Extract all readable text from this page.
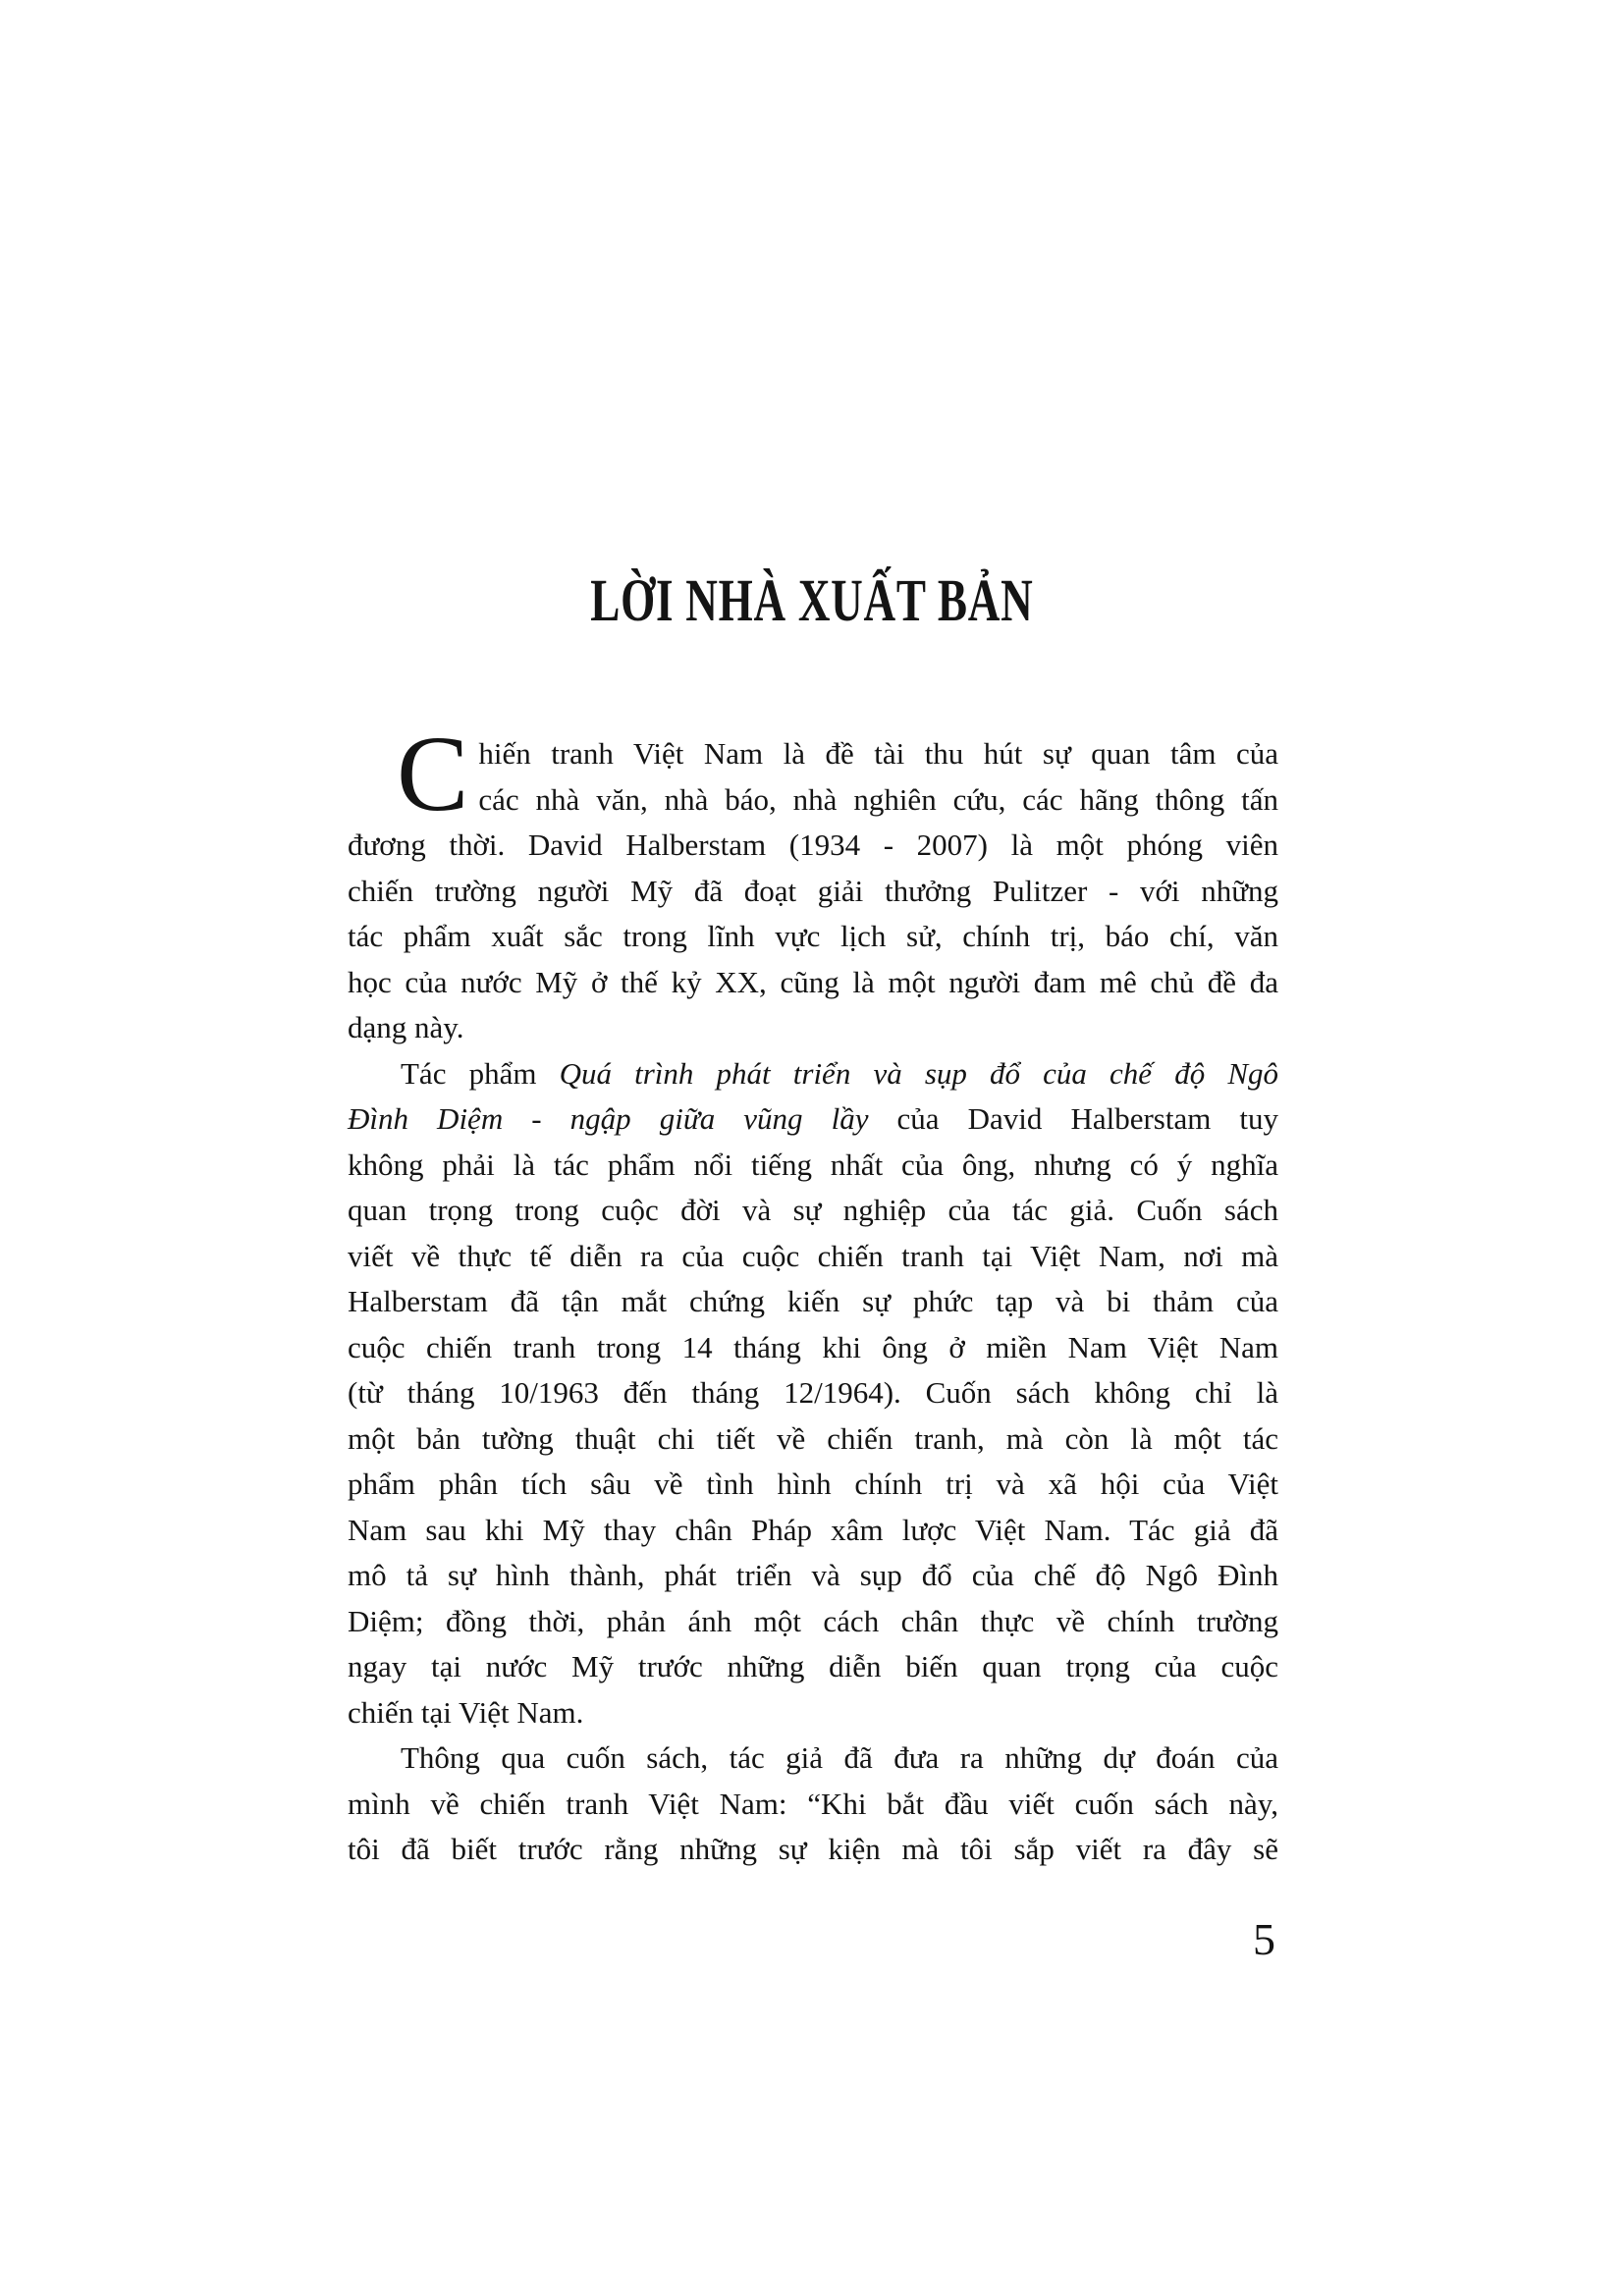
LỜI NHÀ XUẤT BẢN
C hiến tranh Việt Nam là đề tài thu hút sự quan tâm của
các nhà văn, nhà báo, nhà nghiên cứu, các hãng thông tấn
đương thời. David Halberstam (1934 - 2007) là một phóng viên
chiến trường người Mỹ đã đoạt giải thưởng Pulitzer - với những
tác phẩm xuất sắc trong lĩnh vực lịch sử, chính trị, báo chí, văn
học của nước Mỹ ở thế kỷ XX, cũng là một người đam mê chủ đề đa
dạng này.
Tác phẩm Quá trình phát triển và sụp đổ của chế độ Ngô
Đình Diệm - ngập giữa vũng lầy của David Halberstam tuy
không phải là tác phẩm nổi tiếng nhất của ông, nhưng có ý nghĩa
quan trọng trong cuộc đời và sự nghiệp của tác giả. Cuốn sách
viết về thực tế diễn ra của cuộc chiến tranh tại Việt Nam, nơi mà
Halberstam đã tận mắt chứng kiến sự phức tạp và bi thảm của
cuộc chiến tranh trong 14 tháng khi ông ở miền Nam Việt Nam
(từ tháng 10/1963 đến tháng 12/1964). Cuốn sách không chỉ là
một bản tường thuật chi tiết về chiến tranh, mà còn là một tác
phẩm phân tích sâu về tình hình chính trị và xã hội của Việt
Nam sau khi Mỹ thay chân Pháp xâm lược Việt Nam. Tác giả đã
mô tả sự hình thành, phát triển và sụp đổ của chế độ Ngô Đình
Diệm; đồng thời, phản ánh một cách chân thực về chính trường
ngay tại nước Mỹ trước những diễn biến quan trọng của cuộc
chiến tại Việt Nam.
Thông qua cuốn sách, tác giả đã đưa ra những dự đoán của
mình về chiến tranh Việt Nam: “Khi bắt đầu viết cuốn sách này,
tôi đã biết trước rằng những sự kiện mà tôi sắp viết ra đây sẽ
5
